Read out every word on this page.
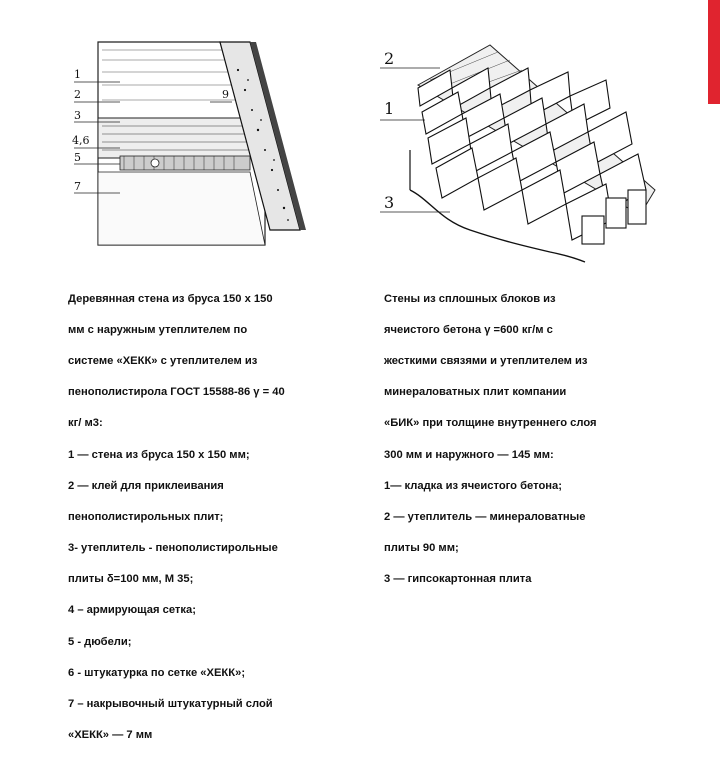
1
2
3
4,6
5
7
9
2
1
3

Деревянная стена из бруса 150 х 150

мм с наружным утеплителем по

системе «ХЕКК» с утеплителем из

пенополистирола ГОСТ 15588-86 γ = 40

кг/ м3:

1 — стена из бруса 150 х 150 мм;

2 — клей для приклеивания

пенополистирольных плит;

3- утеплитель - пенополистирольные

плиты δ=100 мм, М 35;

4 – армирующая сетка;

5 - дюбели;

6 - штукатурка по сетке «ХЕКК»;

7 – накрывочный штукатурный слой

«ХЕКК» — 7 мм

Стены из сплошных блоков из

ячеистого бетона γ =600 кг/м с

жесткими связями и утеплителем из

минераловатных плит компании

«БИК» при толщине внутреннего слоя

300 мм и наружного — 145 мм:

1— кладка из ячеистого бетона;

2 — утеплитель — минераловатные

плиты 90 мм;

3 — гипсокартонная плита
